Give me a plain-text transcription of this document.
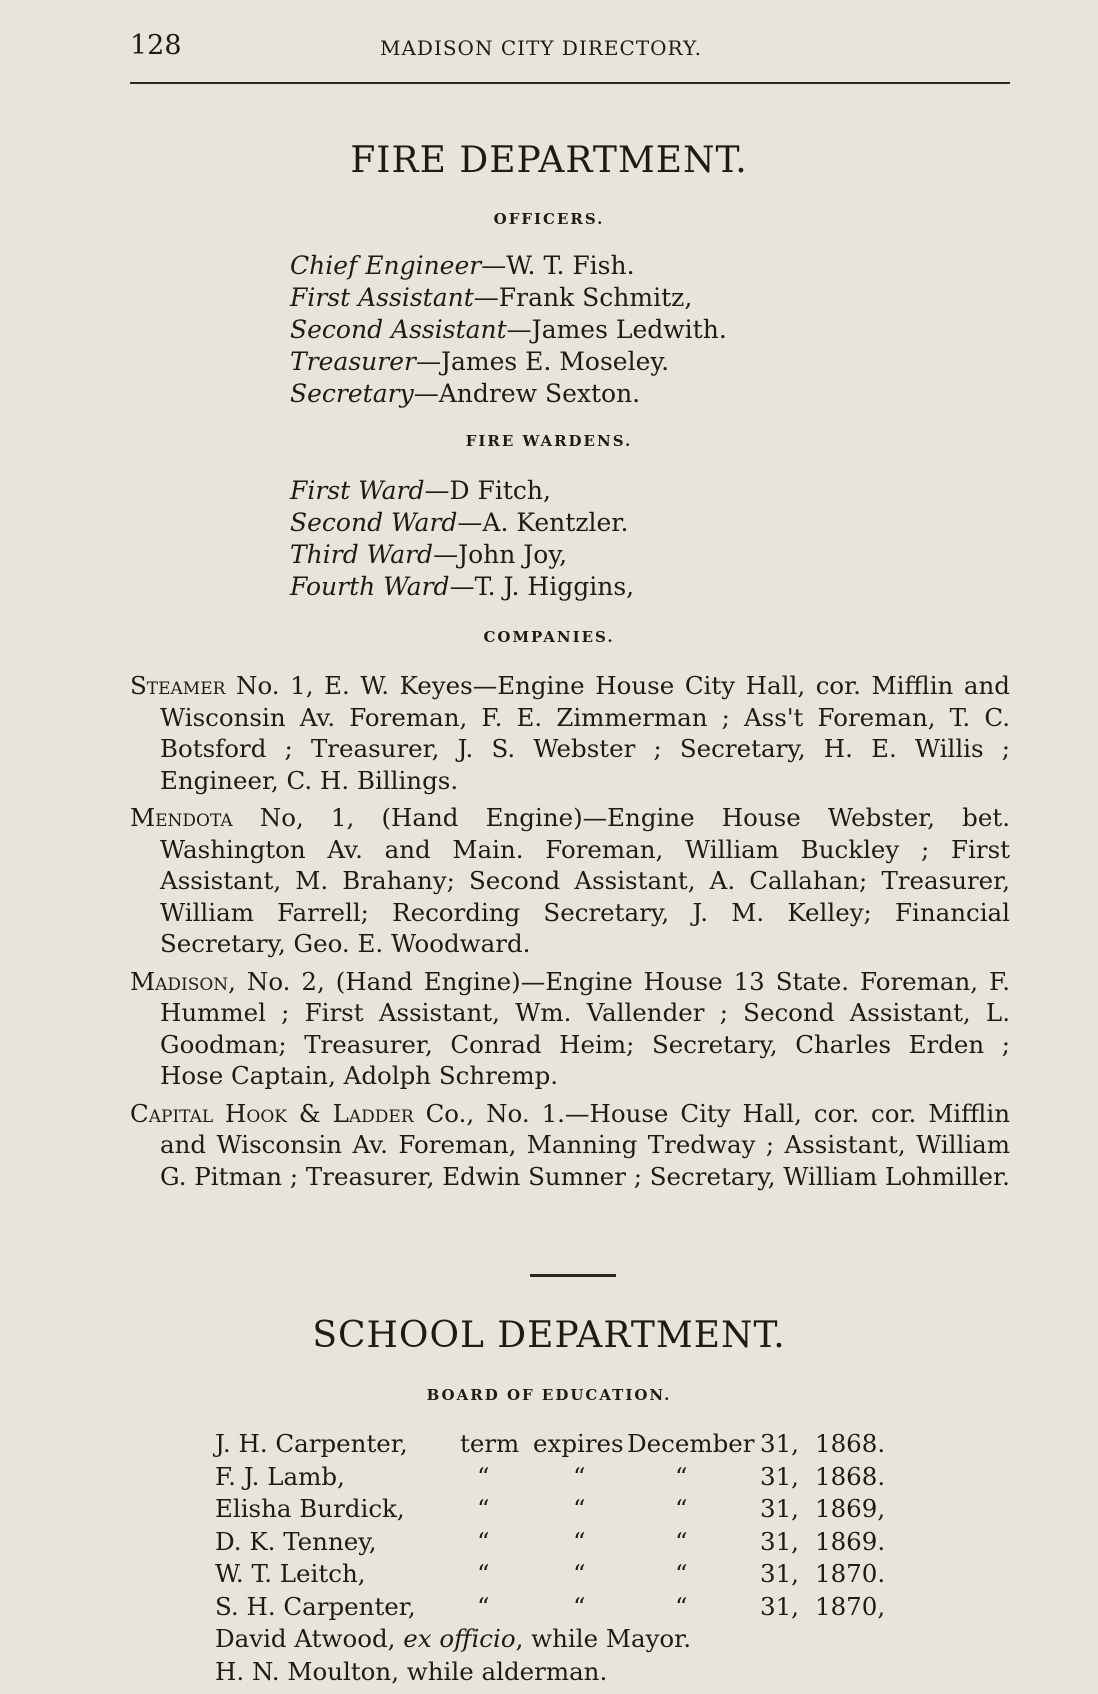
128	MADISON CITY DIRECTORY.
FIRE DEPARTMENT.
OFFICERS.
Chief Engineer—W. T. Fish.
First Assistant—Frank Schmitz,
Second Assistant—James Ledwith.
Treasurer—James E. Moseley.
Secretary—Andrew Sexton.
FIRE WARDENS.
First Ward—D Fitch,
Second Ward—A. Kentzler.
Third Ward—John Joy,
Fourth Ward—T. J. Higgins,
COMPANIES.
Steamer No. 1, E. W. Keyes—Engine House City Hall, cor. Mifflin and Wisconsin Av. Foreman, F. E. Zimmerman ; Ass't Foreman, T. C. Botsford ; Treasurer, J. S. Webster ; Secretary, H. E. Willis ; Engineer, C. H. Billings.
Mendota No, 1, (Hand Engine)—Engine House Webster, bet. Washington Av. and Main. Foreman, William Buckley ; First Assistant, M. Brahany; Second Assistant, A. Callahan; Treasurer, William Farrell; Recording Secretary, J. M. Kelley; Financial Secretary, Geo. E. Woodward.
Madison, No. 2, (Hand Engine)—Engine House 13 State. Foreman, F. Hummel ; First Assistant, Wm. Vallender ; Second Assistant, L. Goodman; Treasurer, Conrad Heim; Secretary, Charles Erden ; Hose Captain, Adolph Schremp.
Capital Hook & Ladder Co., No. 1.—House City Hall, cor. cor. Mifflin and Wisconsin Av. Foreman, Manning Tredway ; Assistant, William G. Pitman ; Treasurer, Edwin Sumner ; Secretary, William Lohmiller.
SCHOOL DEPARTMENT.
BOARD OF EDUCATION.
J. H. Carpenter, term expires December 31, 1868.
F. J. Lamb,	“	“	“	31, 1868.
Elisha Burdick,	“	“	“	31, 1869,
D. K. Tenney,	“	“	“	31, 1869.
W. T. Leitch,	“	“	“	31, 1870.
S. H. Carpenter,	“	“	“	31, 1870,
David Atwood, ex officio, while Mayor.
H. N. Moulton, while alderman.
